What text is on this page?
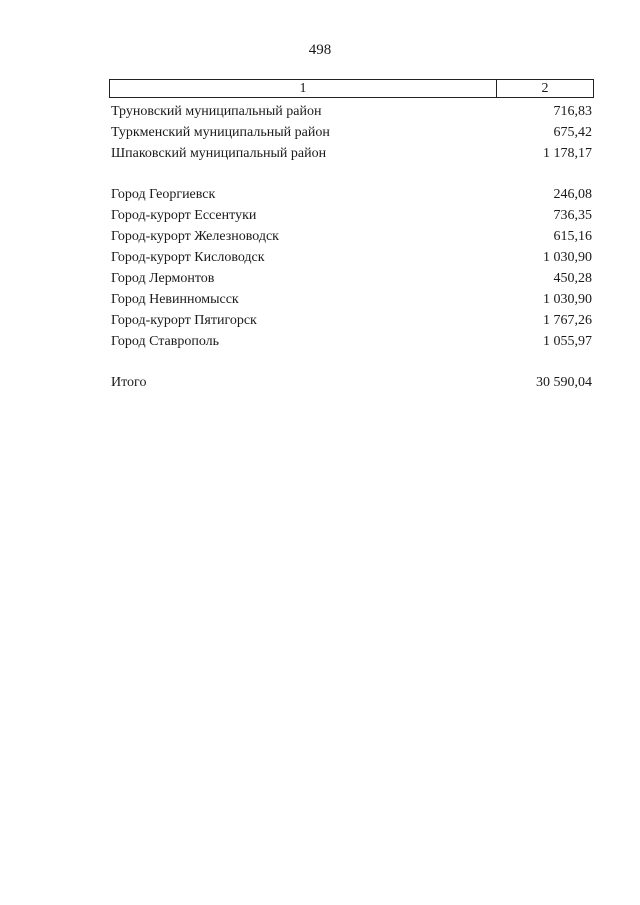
498
1	2
Труновский муниципальный район	716,83
Туркменский муниципальный район	675,42
Шпаковский муниципальный район	1 178,17
Город Георгиевск	246,08
Город-курорт Ессентуки	736,35
Город-курорт Железноводск	615,16
Город-курорт Кисловодск	1 030,90
Город Лермонтов	450,28
Город Невинномысск	1 030,90
Город-курорт Пятигорск	1 767,26
Город Ставрополь	1 055,97
Итого	30 590,04
